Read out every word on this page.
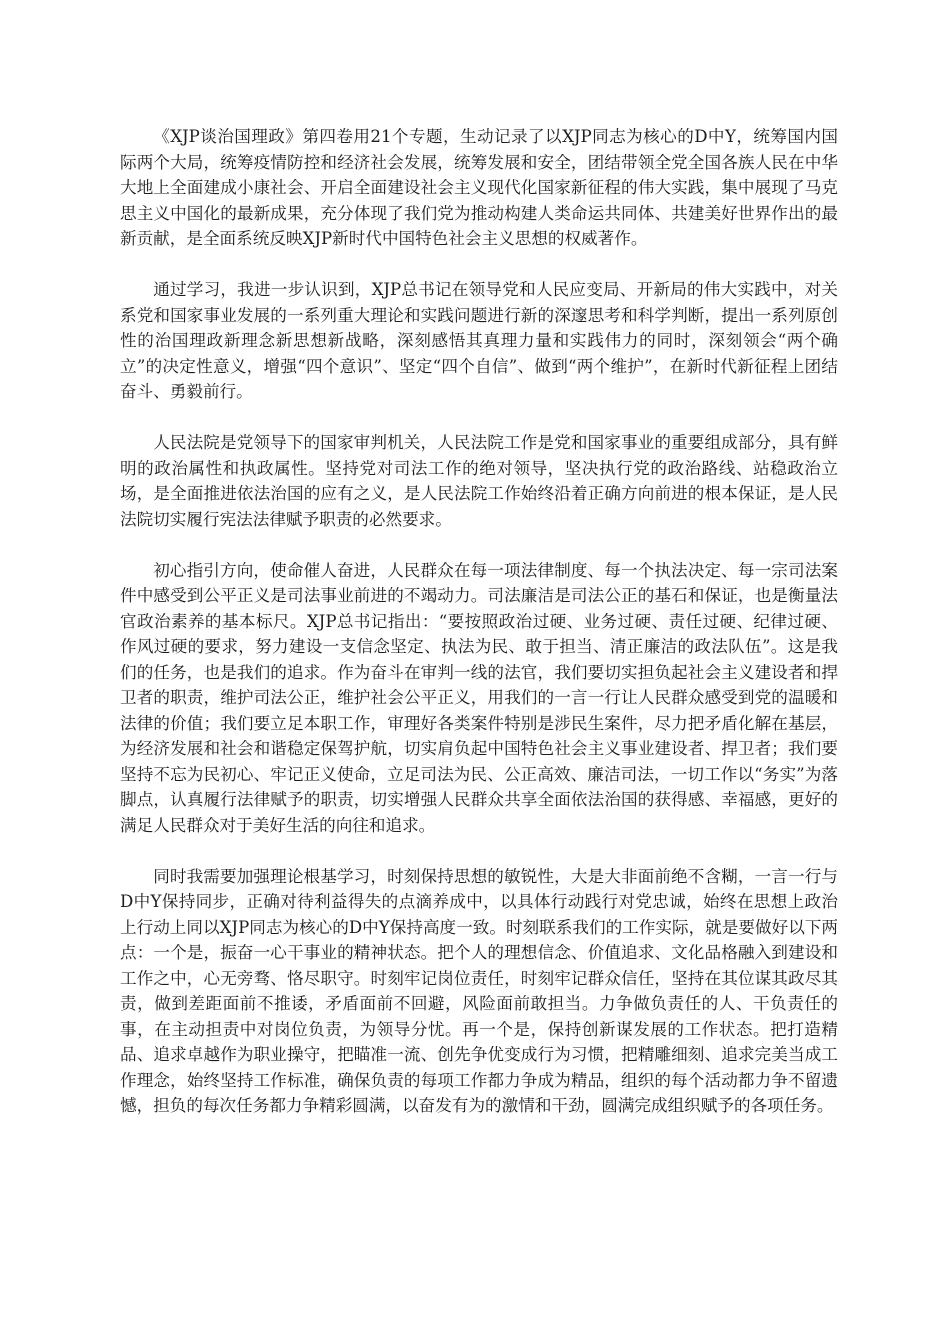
《XJP谈治国理政》第四卷用21个专题，生动记录了以XJP同志为核心的D中Y，统筹国内国际两个大局，统筹疫情防控和经济社会发展，统筹发展和安全，团结带领全党全国各族人民在中华大地上全面建成小康社会、开启全面建设社会主义现代化国家新征程的伟大实践，集中展现了马克思主义中国化的最新成果，充分体现了我们党为推动构建人类命运共同体、共建美好世界作出的最新贡献，是全面系统反映XJP新时代中国特色社会主义思想的权威著作。

通过学习，我进一步认识到，XJP总书记在领导党和人民应变局、开新局的伟大实践中，对关系党和国家事业发展的一系列重大理论和实践问题进行新的深邃思考和科学判断，提出一系列原创性的治国理政新理念新思想新战略，深刻感悟其真理力量和实践伟力的同时，深刻领会“两个确立”的决定性意义，增强“四个意识”、坚定“四个自信”、做到“两个维护”，在新时代新征程上团结奋斗、勇毅前行。

人民法院是党领导下的国家审判机关，人民法院工作是党和国家事业的重要组成部分，具有鲜明的政治属性和执政属性。坚持党对司法工作的绝对领导，坚决执行党的政治路线、站稳政治立场，是全面推进依法治国的应有之义，是人民法院工作始终沿着正确方向前进的根本保证，是人民法院切实履行宪法法律赋予职责的必然要求。

初心指引方向，使命催人奋进，人民群众在每一项法律制度、每一个执法决定、每一宗司法案件中感受到公平正义是司法事业前进的不竭动力。司法廉洁是司法公正的基石和保证，也是衡量法官政治素养的基本标尺。XJP总书记指出：“要按照政治过硬、业务过硬、责任过硬、纪律过硬、作风过硬的要求，努力建设一支信念坚定、执法为民、敢于担当、清正廉洁的政法队伍”。这是我们的任务，也是我们的追求。作为奋斗在审判一线的法官，我们要切实担负起社会主义建设者和捍卫者的职责，维护司法公正，维护社会公平正义，用我们的一言一行让人民群众感受到党的温暖和法律的价值；我们要立足本职工作，审理好各类案件特别是涉民生案件，尽力把矛盾化解在基层，为经济发展和社会和谐稳定保驾护航，切实肩负起中国特色社会主义事业建设者、捍卫者；我们要坚持不忘为民初心、牢记正义使命，立足司法为民、公正高效、廉洁司法，一切工作以“务实”为落脚点，认真履行法律赋予的职责，切实增强人民群众共享全面依法治国的获得感、幸福感，更好的满足人民群众对于美好生活的向往和追求。

同时我需要加强理论根基学习，时刻保持思想的敏锐性，大是大非面前绝不含糊，一言一行与D中Y保持同步，正确对待利益得失的点滴养成中，以具体行动践行对党忠诚，始终在思想上政治上行动上同以XJP同志为核心的D中Y保持高度一致。时刻联系我们的工作实际，就是要做好以下两点：一个是，振奋一心干事业的精神状态。把个人的理想信念、价值追求、文化品格融入到建设和工作之中，心无旁骛、恪尽职守。时刻牢记岗位责任，时刻牢记群众信任，坚持在其位谋其政尽其责，做到差距面前不推诿，矛盾面前不回避，风险面前敢担当。力争做负责任的人、干负责任的事，在主动担责中对岗位负责，为领导分忧。再一个是，保持创新谋发展的工作状态。把打造精品、追求卓越作为职业操守，把瞄准一流、创先争优变成行为习惯，把精雕细刻、追求完美当成工作理念，始终坚持工作标准，确保负责的每项工作都力争成为精品，组织的每个活动都力争不留遗憾，担负的每次任务都力争精彩圆满，以奋发有为的激情和干劲，圆满完成组织赋予的各项任务。
